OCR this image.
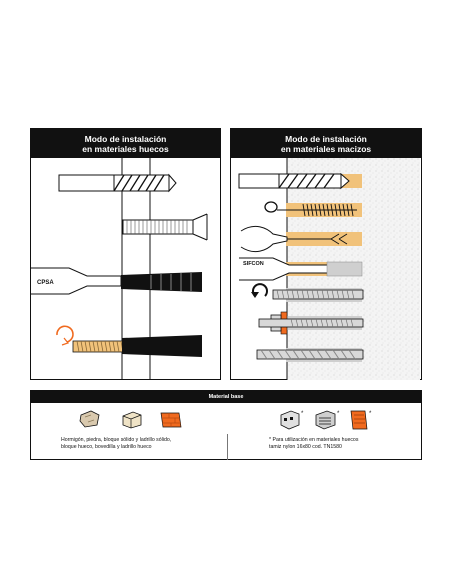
Modo de instalación
en materiales huecos
CPSA
Modo de instalación
en materiales macizos
SIFCON
Material base
*	*	*
Hormigón, piedra, bloque sólido y ladrillo sólido,
bloque hueco, bovedilla y ladrillo hueco
* Para utilización en materiales huecos
tamiz nylon 16x80 cod. TN1580
